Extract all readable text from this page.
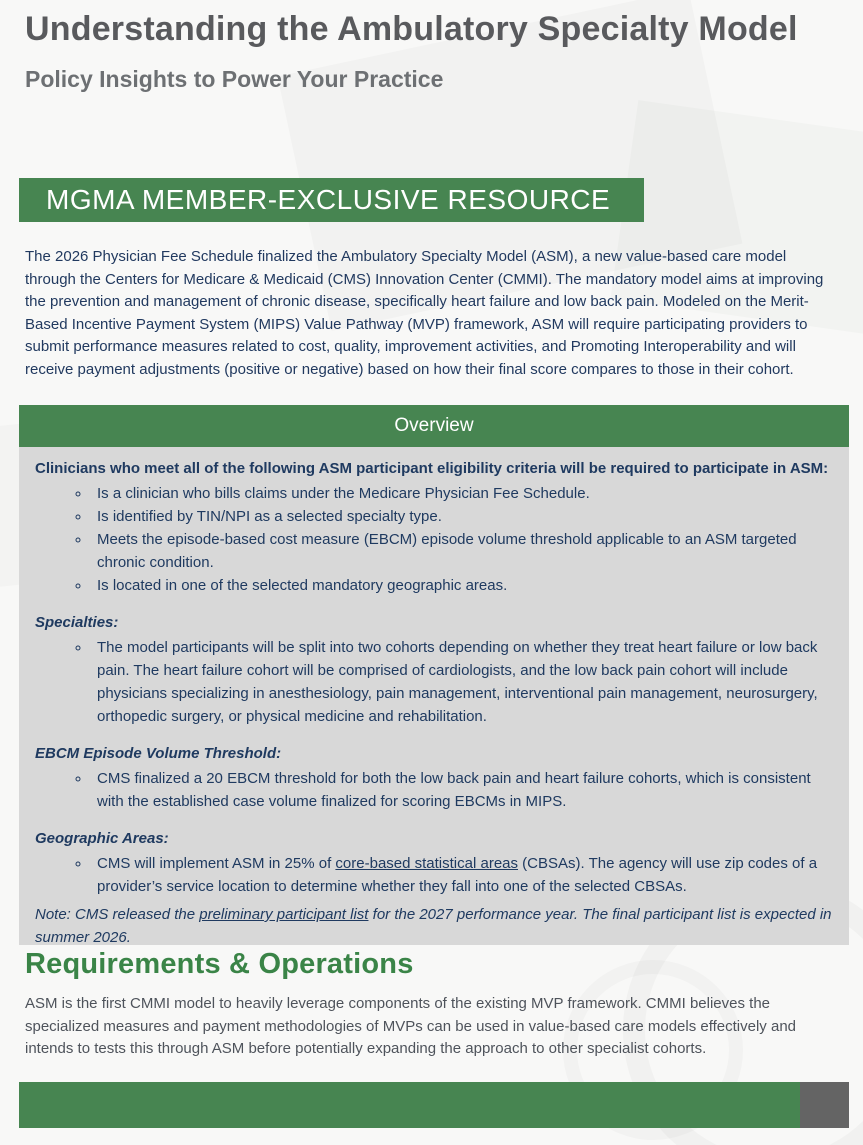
Understanding the Ambulatory Specialty Model
Policy Insights to Power Your Practice
MGMA MEMBER-EXCLUSIVE RESOURCE

The 2026 Physician Fee Schedule finalized the Ambulatory Specialty Model (ASM), a new value-based care model through the Centers for Medicare & Medicaid (CMS) Innovation Center (CMMI). The mandatory model aims at improving the prevention and management of chronic disease, specifically heart failure and low back pain. Modeled on the Merit-Based Incentive Payment System (MIPS) Value Pathway (MVP) framework, ASM will require participating providers to submit performance measures related to cost, quality, improvement activities, and Promoting Interoperability and will receive payment adjustments (positive or negative) based on how their final score compares to those in their cohort.

Overview

Clinicians who meet all of the following ASM participant eligibility criteria will be required to participate in ASM:

◦ Is a clinician who bills claims under the Medicare Physician Fee Schedule.
◦ Is identified by TIN/NPI as a selected specialty type.
◦ Meets the episode-based cost measure (EBCM) episode volume threshold applicable to an ASM targeted chronic condition.
◦ Is located in one of the selected mandatory geographic areas.

Specialties:

◦ The model participants will be split into two cohorts depending on whether they treat heart failure or low back pain. The heart failure cohort will be comprised of cardiologists, and the low back pain cohort will include physicians specializing in anesthesiology, pain management, interventional pain management, neurosurgery, orthopedic surgery, or physical medicine and rehabilitation.

EBCM Episode Volume Threshold:

◦ CMS finalized a 20 EBCM threshold for both the low back pain and heart failure cohorts, which is consistent with the established case volume finalized for scoring EBCMs in MIPS.

Geographic Areas:

◦ CMS will implement ASM in 25% of core-based statistical areas (CBSAs). The agency will use zip codes of a provider’s service location to determine whether they fall into one of the selected CBSAs.

Note: CMS released the preliminary participant list for the 2027 performance year. The final participant list is expected in summer 2026.

Requirements & Operations

ASM is the first CMMI model to heavily leverage components of the existing MVP framework. CMMI believes the specialized measures and payment methodologies of MVPs can be used in value-based care models effectively and intends to tests this through ASM before potentially expanding the approach to other specialist cohorts.
